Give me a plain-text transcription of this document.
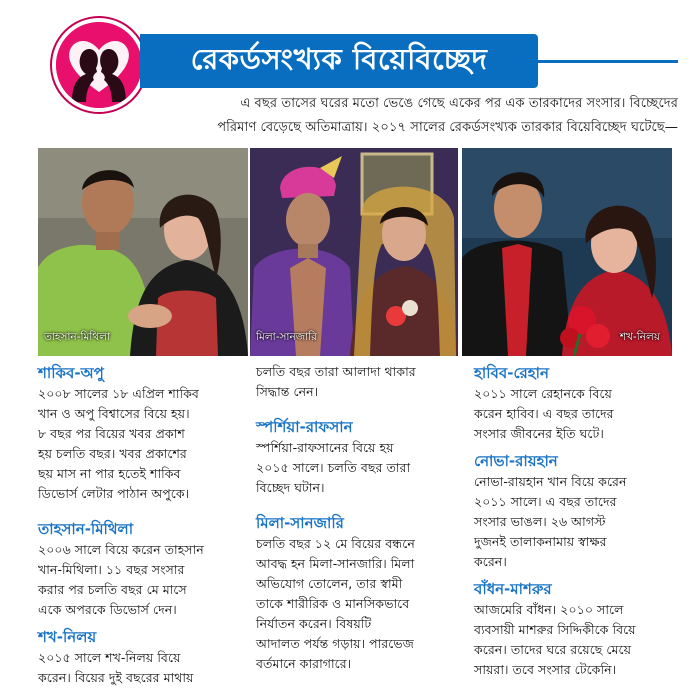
রেকর্ডসংখ্যক বিয়েবিচ্ছেদ
এ বছর তাসের ঘরের মতো ভেঙে গেছে একের পর এক তারকাদের সংসার। বিচ্ছেদের
পরিমাণ বেড়েছে অতিমাত্রায়। ২০১৭ সালের রেকর্ডসংখ্যক তারকার বিয়েবিচ্ছেদ ঘটেছে—
তাহসান-মিথিলা	মিলা-সানজারি	শখ-নিলয়
শাকিব-অপু

২০০৮ সালের ১৮ এপ্রিল শাকিব

খান ও অপু বিশ্বাসের বিয়ে হয়।

৮ বছর পর বিয়ের খবর প্রকাশ

হয় চলতি বছর। খবর প্রকাশের

ছয় মাস না পার হতেই শাকিব

ডিভোর্স লেটার পাঠান অপুকে।

তাহসান-মিথিলা

২০০৬ সালে বিয়ে করেন তাহসান

খান-মিথিলা। ১১ বছর সংসার

করার পর চলতি বছর মে মাসে

একে অপরকে ডিভোর্স দেন।

শখ-নিলয়

২০১৫ সালে শখ-নিলয় বিয়ে

করেন। বিয়ের দুই বছরের মাথায়

চলতি বছর তারা আলাদা থাকার

সিদ্ধান্ত নেন।

স্পর্শিয়া-রাফসান

স্পর্শিয়া-রাফসানের বিয়ে হয়

২০১৫ সালে। চলতি বছর তারা

বিচ্ছেদ ঘটান।

মিলা-সানজারি

চলতি বছর ১২ মে বিয়ের বন্ধনে

আবদ্ধ হন মিলা-সানজারি। মিলা

অভিযোগ তোলেন, তার স্বামী

তাকে শারীরিক ও মানসিকভাবে

নির্যাতন করেন। বিষয়টি

আদালত পর্যন্ত গড়ায়। পারভেজ

বর্তমানে কারাগারে।

হাবিব-রেহান

২০১১ সালে রেহানকে বিয়ে

করেন হাবিব। এ বছর তাদের

সংসার জীবনের ইতি ঘটে।

নোভা-রায়হান

নোভা-রায়হান খান বিয়ে করেন

২০১১ সালে। এ বছর তাদের

সংসার ভাঙল। ২৬ আগস্ট

দুজনই তালাকনামায় স্বাক্ষর

করেন।

বাঁধন-মাশরুর

আজমেরি বাঁধন। ২০১০ সালে

ব্যবসায়ী মাশরুর সিদ্দিকীকে বিয়ে

করেন। তাদের ঘরে রয়েছে মেয়ে

সায়রা। তবে সংসার টেকেনি।
